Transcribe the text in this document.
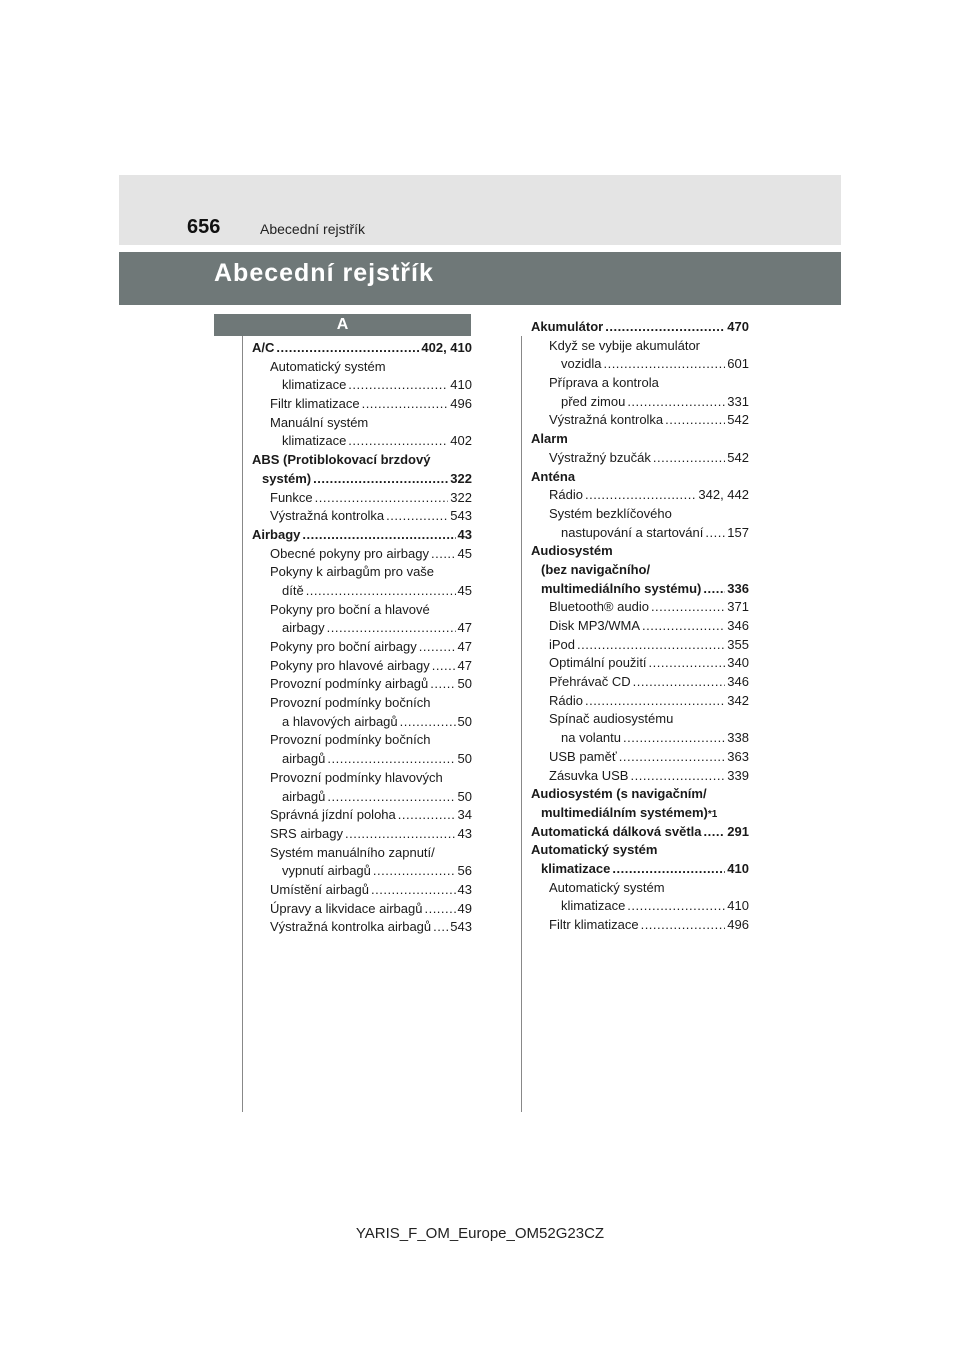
656	Abecední rejstřík
Abecední rejstřík
A
A/C .....	402, 410
Automatický systém
klimatizace .....	410
Filtr klimatizace .....	496
Manuální systém
klimatizace .....	402
ABS (Protiblokovací brzdový
systém) .....	322
Funkce .....	322
Výstražná kontrolka .....	543
Airbagy .....	43
Obecné pokyny pro airbagy ..... 45
Pokyny k airbagům pro vaše
dítě .....	45
Pokyny pro boční a hlavové
airbagy .....	47
Pokyny pro boční airbagy .....	47
Pokyny pro hlavové airbagy ..... 47
Provozní podmínky airbagů ..... 50
Provozní podmínky bočních
a hlavových airbagů .....	50
Provozní podmínky bočních
airbagů .....	50
Provozní podmínky hlavových
airbagů .....	50
Správná jízdní poloha .....	34
SRS airbagy .....	43
Systém manuálního zapnutí/
vypnutí airbagů .....	56
Umístění airbagů .....	43
Úpravy a likvidace airbagů .....	49
Výstražná kontrolka airbagů ..... 543
Akumulátor .....	470
Když se vybije akumulátor
vozidla .....	601
Příprava a kontrola
před zimou .....	331
Výstražná kontrolka .....	542
Alarm
Výstražný bzučák .....	542
Anténa
Rádio .....	342, 442
Systém bezklíčového
nastupování a startování ..... 157
Audiosystém
(bez navigačního/
multimediálního systému) ..... 336
Bluetooth® audio .....	371
Disk MP3/WMA .....	346
iPod .....	355
Optimální použití .....	340
Přehrávač CD .....	346
Rádio .....	342
Spínač audiosystému
na volantu .....	338
USB paměť .....	363
Zásuvka USB .....	339
Audiosystém (s navigačním/
multimediálním systémem) *1
Automatická dálková světla ..... 291
Automatický systém
klimatizace .....	410
Automatický systém
klimatizace .....	410
Filtr klimatizace .....	496
YARIS_F_OM_Europe_OM52G23CZ
